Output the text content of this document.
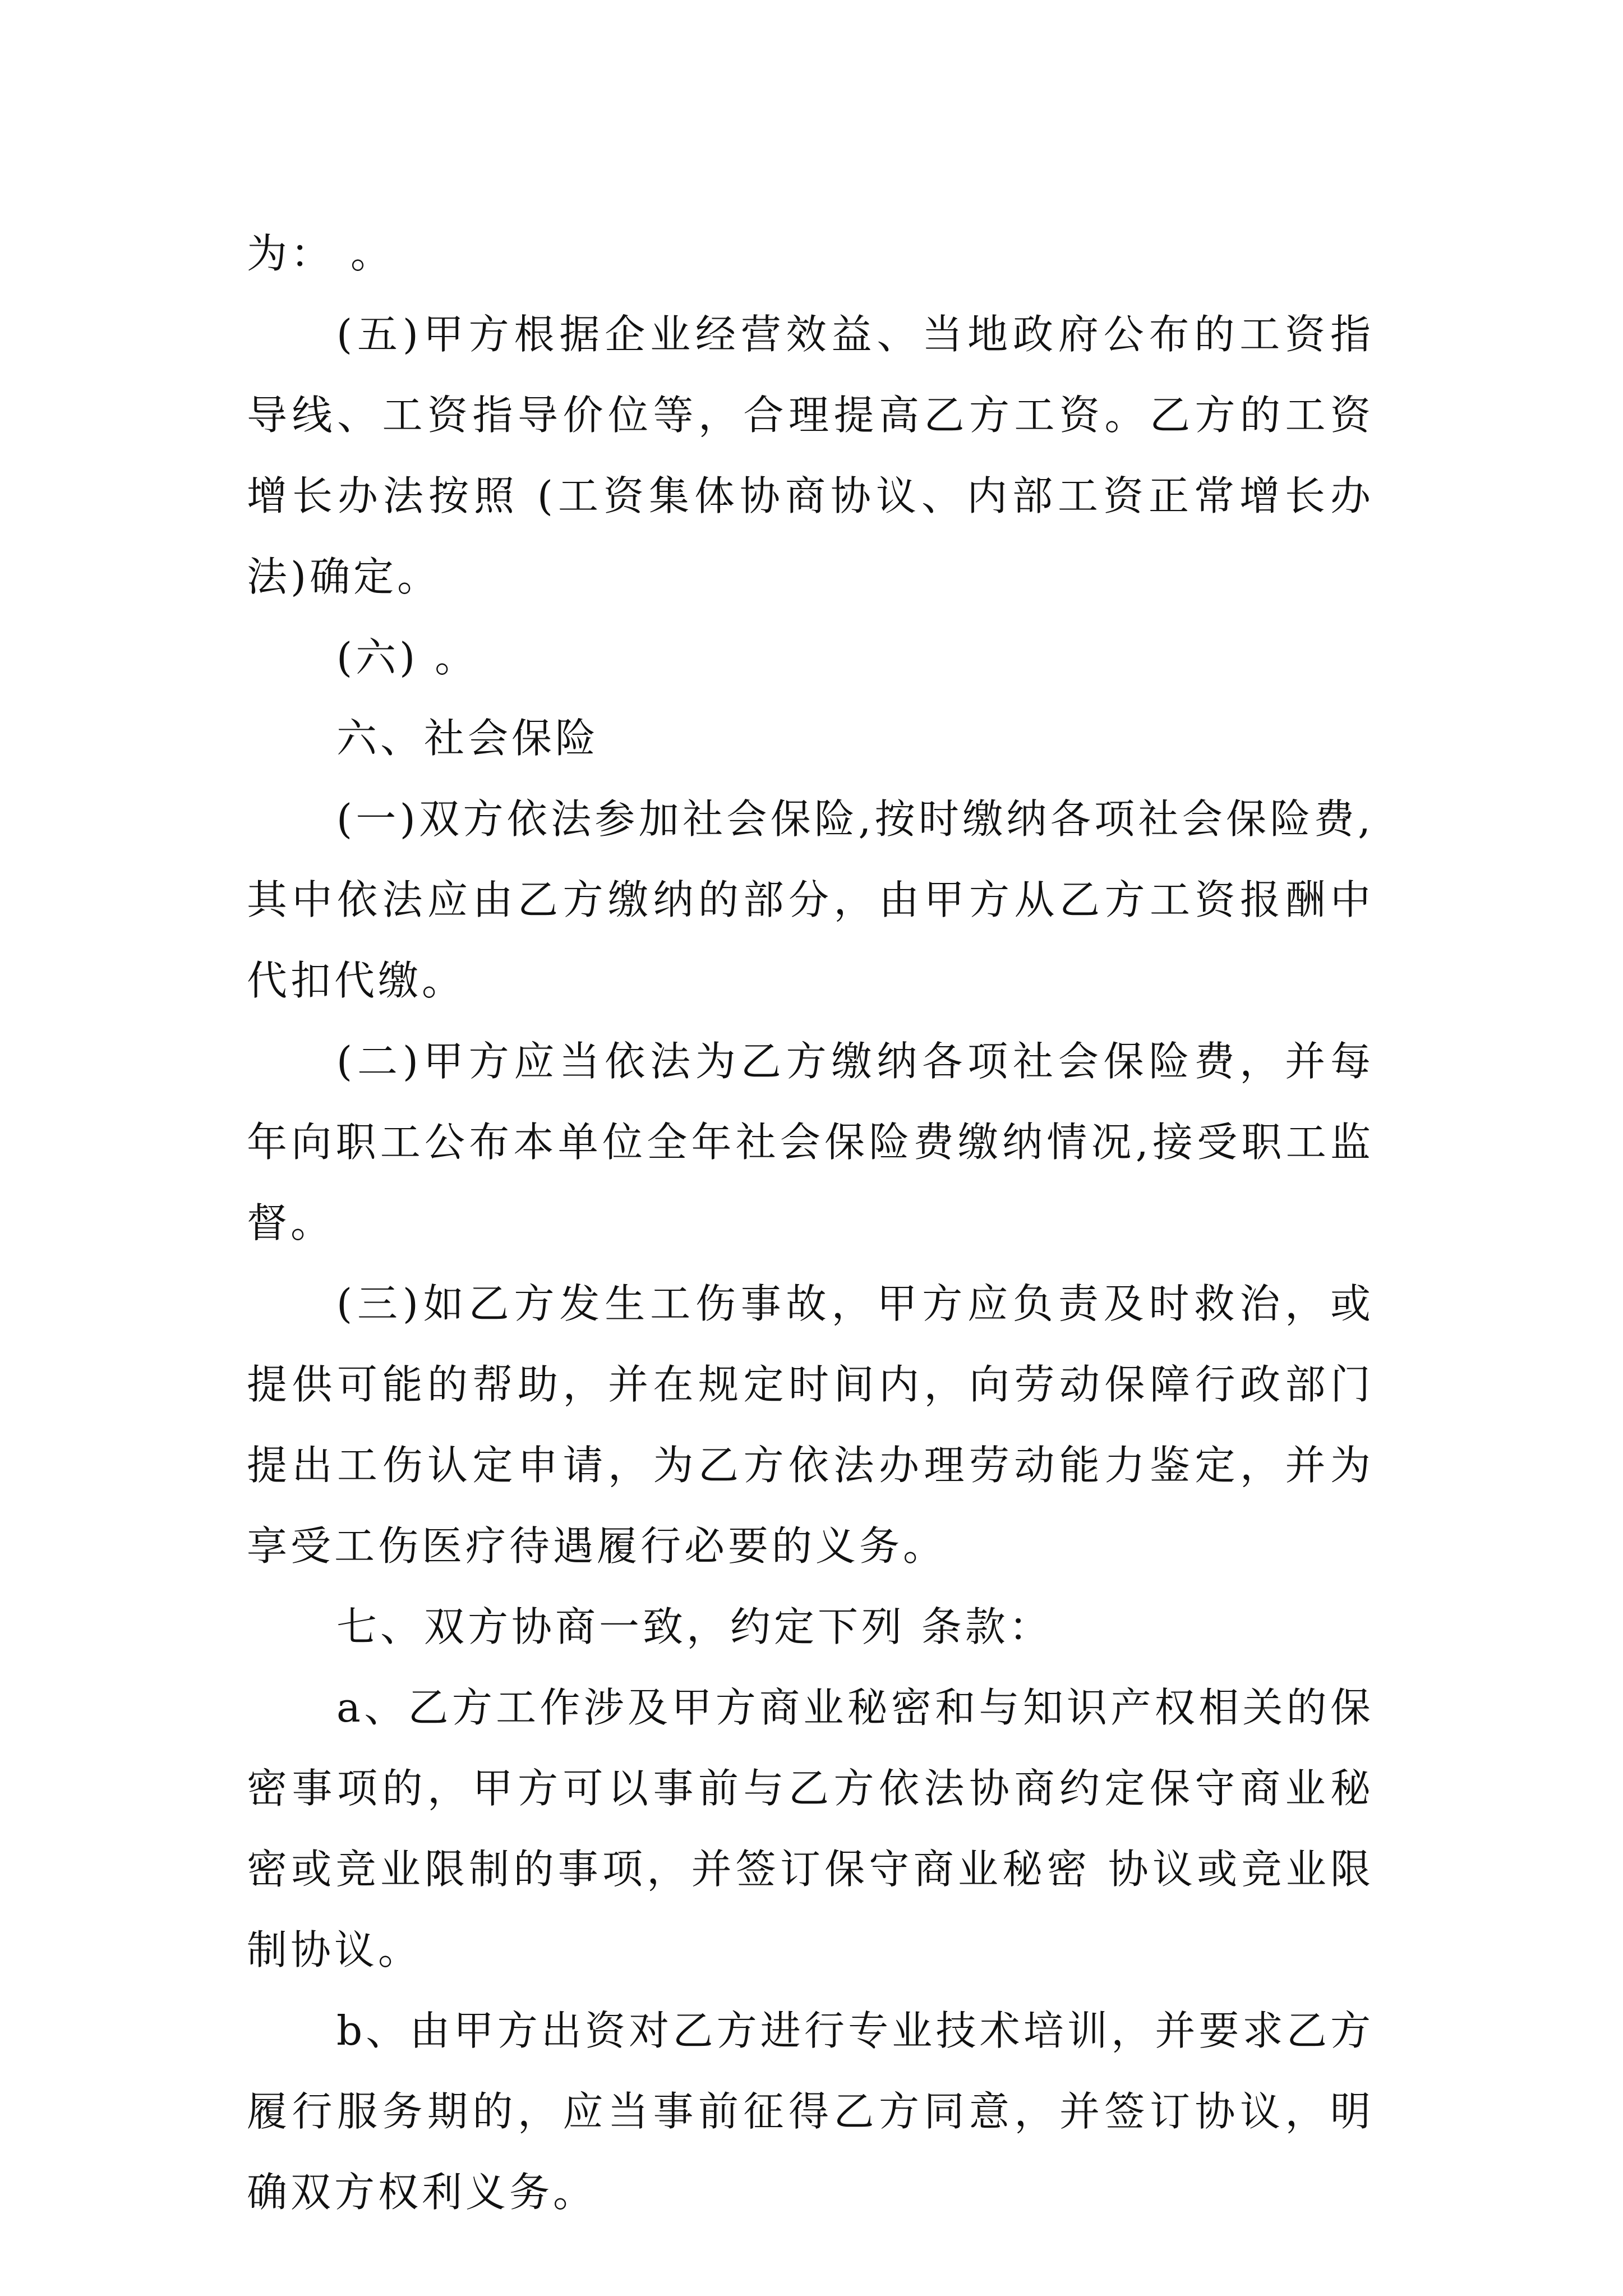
为： 。

(五)甲方根据企业经营效益、当地政府公布的工资指导线、工资指导价位等，合理提高乙方工资。乙方的工资增长办法按照 (工资集体协商协议、内部工资正常增长办法)确定。

(六) 。

六、社会保险

(一)双方依法参加社会保险,按时缴纳各项社会保险费,其中依法应由乙方缴纳的部分，由甲方从乙方工资报酬中代扣代缴。

(二)甲方应当依法为乙方缴纳各项社会保险费，并每年向职工公布本单位全年社会保险费缴纳情况,接受职工监督。

(三)如乙方发生工伤事故，甲方应负责及时救治，或提供可能的帮助，并在规定时间内，向劳动保障行政部门提出工伤认定申请，为乙方依法办理劳动能力鉴定，并为享受工伤医疗待遇履行必要的义务。

七、双方协商一致，约定下列 条款：

a、乙方工作涉及甲方商业秘密和与知识产权相关的保密事项的，甲方可以事前与乙方依法协商约定保守商业秘密或竞业限制的事项，并签订保守商业秘密 协议或竞业限制协议。

b、由甲方出资对乙方进行专业技术培训，并要求乙方履行服务期的，应当事前征得乙方同意，并签订协议，明确双方权利义务。
